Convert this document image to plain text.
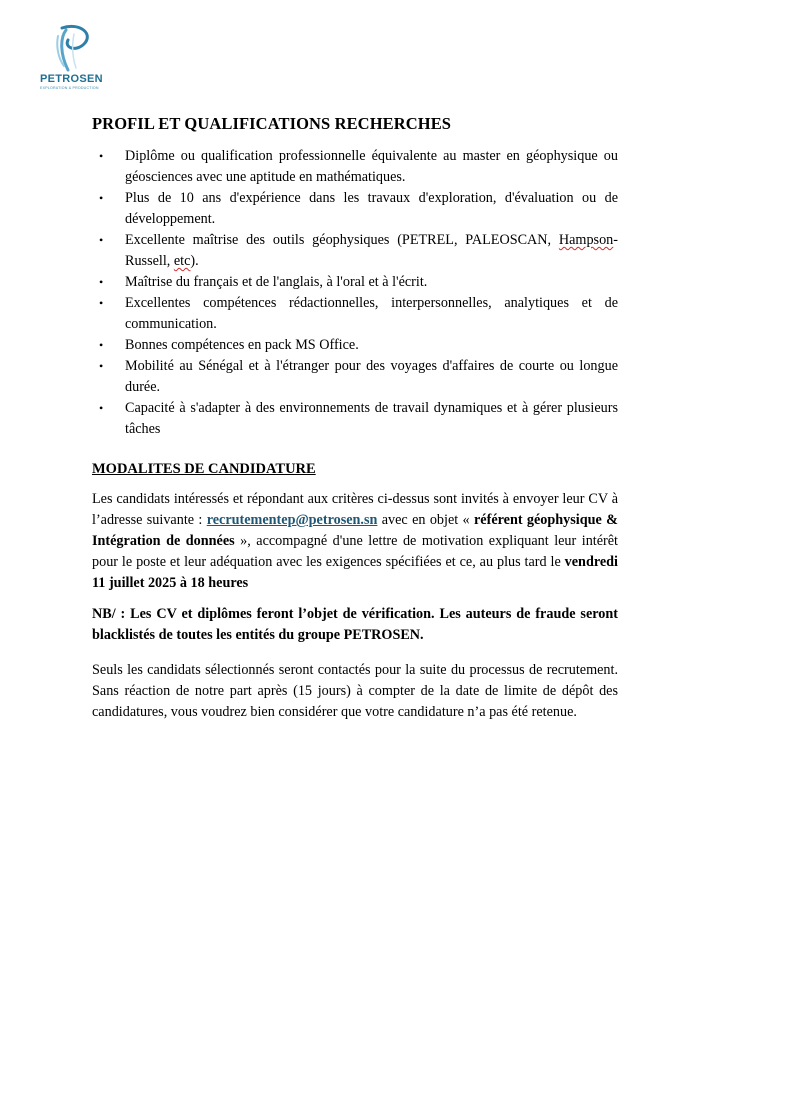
PETROSEN
EXPLORATION & PRODUCTION
PROFIL ET QUALIFICATIONS RECHERCHES
• Diplôme ou qualification professionnelle équivalente au master en géophysique ou géosciences avec une aptitude en mathématiques.
• Plus de 10 ans d'expérience dans les travaux d'exploration, d'évaluation ou de développement.
• Excellente maîtrise des outils géophysiques (PETREL, PALEOSCAN, Hampson-Russell, etc).
• Maîtrise du français et de l'anglais, à l'oral et à l'écrit.
• Excellentes compétences rédactionnelles, interpersonnelles, analytiques et de communication.
• Bonnes compétences en pack MS Office.
• Mobilité au Sénégal et à l'étranger pour des voyages d'affaires de courte ou longue durée.
• Capacité à s'adapter à des environnements de travail dynamiques et à gérer plusieurs tâches
MODALITES DE CANDIDATURE

Les candidats intéressés et répondant aux critères ci-dessus sont invités à envoyer leur CV à l’adresse suivante : recrutementep@petrosen.sn avec en objet « référent géophysique & Intégration de données », accompagné d'une lettre de motivation expliquant leur intérêt pour le poste et leur adéquation avec les exigences spécifiées et ce, au plus tard le vendredi 11 juillet 2025 à 18 heures

NB/ : Les CV et diplômes feront l’objet de vérification. Les auteurs de fraude seront blacklistés de toutes les entités du groupe PETROSEN.

Seuls les candidats sélectionnés seront contactés pour la suite du processus de recrutement. Sans réaction de notre part après (15 jours) à compter de la date de limite de dépôt des candidatures, vous voudrez bien considérer que votre candidature n’a pas été retenue.
